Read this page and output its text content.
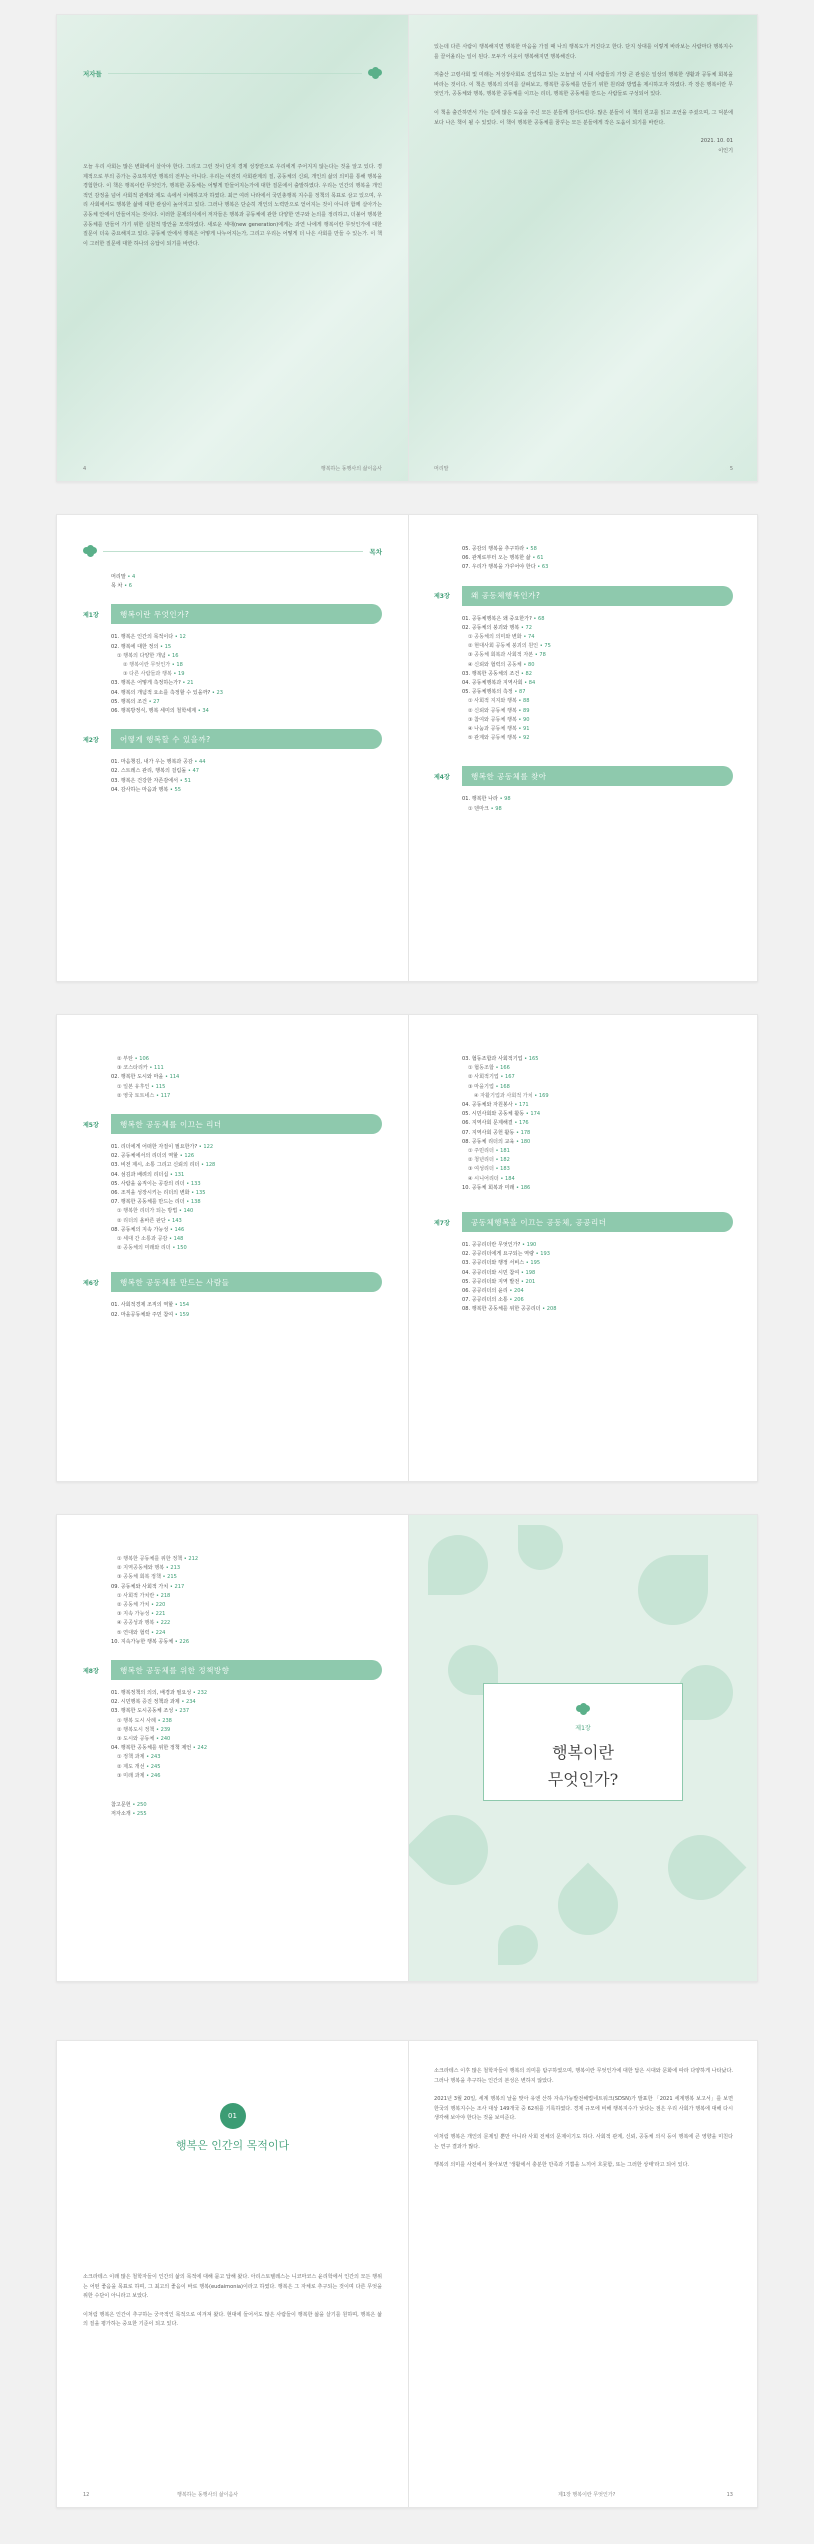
저자들

오늘 우리 사회는 많은 변화에서 살아야 한다. 그리고 그런 것이 단지 경제 성장만으로 우리에게 주어지지 않는다는 것을 알고 있다. 경제적으로 부의 증가는 중요하지만 행복의 전부는 아니다. 우리는 여전히 사회관계의 질, 공동체의 신뢰, 개인의 삶의 의미를 통해 행복을 경험한다. 이 책은 행복이란 무엇인가, 행복한 공동체는 어떻게 만들어지는가에 대한 질문에서 출발하였다. 우리는 인간의 행복을 개인적인 감정을 넘어 사회적 관계와 제도 속에서 이해하고자 하였다. 최근 여러 나라에서 국민총행복 지수를 정책의 목표로 삼고 있으며, 우리 사회에서도 행복한 삶에 대한 관심이 높아지고 있다. 그러나 행복은 단순히 개인의 노력만으로 얻어지는 것이 아니라 함께 살아가는 공동체 안에서 만들어지는 것이다. 이러한 문제의식에서 저자들은 행복과 공동체에 관한 다양한 연구와 논의를 정리하고, 더불어 행복한 공동체를 만들어 가기 위한 실천적 방안을 모색하였다. 새로운 세대(new generation)에게는 과연 나에게 행복이란 무엇인가에 대한 질문이 더욱 중요해지고 있다. 공동체 안에서 행복은 어떻게 나누어지는가, 그리고 우리는 어떻게 더 나은 사회를 만들 수 있는가. 이 책이 그러한 질문에 대한 하나의 응답이 되기를 바란다.

4	행복하는 동행사의 삶이음사

있는데 다른 사람이 행복해지면 행복한 마음을 가질 때 나의 행복도가 커진다고 한다. 단지 상대를 이렇게 바라보는 사람마다 행복지수를 끌어올리는 일이 된다. 모두가 이웃이 행복해지면 행복해진다.

저출산 고령사회 및 미래는 저성장사회로 진입하고 있는 오늘날 이 시대 사람들의 가장 큰 관심은 일상의 행복한 생활과 공동체 회복을 바라는 것이다. 이 책은 행복의 의미를 살펴보고, 행복한 공동체를 만들기 위한 원리와 방법을 제시하고자 하였다. 각 장은 행복이란 무엇인가, 공동체와 행복, 행복한 공동체를 이끄는 리더, 행복한 공동체를 만드는 사람들로 구성되어 있다.

이 책을 출간하면서 가는 길에 많은 도움을 주신 모든 분들께 감사드린다. 많은 분들이 이 책의 원고를 읽고 조언을 주셨으며, 그 덕분에 보다 나은 책이 될 수 있었다. 이 책이 행복한 공동체를 꿈꾸는 모든 분들에게 작은 도움이 되기를 바란다.

2021. 10. 01
이인기
머리말	5
목차
머리말 • 4
목 차 • 6
제1장	행복이란 무엇인가?
01. 행복은 인간의 목적이다 • 12
02. 행복에 대한 정의 • 15
① 행복의 다양한 개념 • 16
② 행복이란 무엇인가 • 18
③ 다른 사람들과 행복 • 19
03. 행복은 어떻게 측정하는가? • 21
04. 행복의 개념적 요소를 측정할 수 있을까? • 23
05. 행복의 조건 • 27
06. 행복방정식, 행복 세미의 철학세계 • 34
제2장	어떻게 행복할 수 있을까?
01. 마음챙김, 내가 우는 행복과 공감 • 44
02. 스트레스 관리, 행복의 걸림돌 • 47
03. 행복은 건강한 자존감에서 • 51
04. 감사하는 마음과 행복 • 55
05. 공감의 행복을 추구하라 • 58
06. 관계로부터 오는 행복한 삶 • 61
07. 우리가 행복을 가꾸어야 한다 • 63
제3장	왜 공동체행복인가?
01. 공동체행복은 왜 중요한가? • 68
02. 공동체의 붕괴와 행복 • 72
① 공동체의 의미와 변화 • 74
② 현대사회 공동체 붕괴의 원인 • 75
③ 공동체 회복과 사회적 자본 • 78
④ 신뢰와 협력의 공동체 • 80
03. 행복한 공동체의 조건 • 82
04. 공동체행복과 지역사회 • 84
05. 공동체행복의 측정 • 87
① 사회적 지지와 행복 • 88
② 신뢰와 공동체 행복 • 89
③ 참여와 공동체 행복 • 90
④ 나눔과 공동체 행복 • 91
⑤ 관계와 공동체 행복 • 92
제4장	행복한 공동체를 찾아
01. 행복한 나라 • 98
① 덴마크 • 98
② 부탄 • 106
③ 코스타리카 • 111
02. 행복한 도시와 마을 • 114
① 일본 유후인 • 115
② 영국 토트네스 • 117
제5장	행복한 공동체를 이끄는 리더
01. 리더에게 어떠한 자질이 필요한가? • 122
02. 공동체에서의 리더의 역할 • 126
03. 비전 제시, 소통 그리고 신뢰의 리더 • 128
04. 섬김과 배려의 리더십 • 131
05. 사람을 움직이는 공감의 리더 • 133
06. 조직을 성장시키는 리더의 변화 • 135
07. 행복한 공동체를 만드는 리더 • 138
① 행복한 리더가 되는 방법 • 140
② 리더의 올바른 판단 • 143
08. 공동체의 지속 가능성 • 146
① 세대 간 소통과 공감 • 148
② 공동체의 미래와 리더 • 150
제6장	행복한 공동체를 만드는 사람들
01. 사회적경제 조직의 역할 • 154
02. 마을공동체와 주민 참여 • 159
03. 협동조합과 사회적기업 • 165
① 협동조합 • 166
② 사회적기업 • 167
③ 마을기업 • 168
④ 자활기업과 사회적 가치 • 169
04. 공동체와 자원봉사 • 171
05. 시민사회와 공동체 활동 • 174
06. 지역사회 문제해결 • 176
07. 지역사회 공헌 활동 • 178
08. 공동체 리더의 교육 • 180
① 주민리더 • 181
② 청년리더 • 182
③ 여성리더 • 183
④ 시니어리더 • 184
10. 공동체 회복과 미래 • 186
제7장	공동체행복을 이끄는 공동체, 공공리더
01. 공공리더란 무엇인가? • 190
02. 공공리더에게 요구되는 역량 • 193
03. 공공리더와 행정 서비스 • 195
04. 공공리더와 시민 참여 • 198
05. 공공리더와 지역 발전 • 201
06. 공공리더의 윤리 • 204
07. 공공리더의 소통 • 206
08. 행복한 공동체를 위한 공공리더 • 208
① 행복한 공동체를 위한 정책 • 212
② 지역공동체와 행복 • 213
③ 공동체 회복 정책 • 215
09. 공동체와 사회적 가치 • 217
① 사회적 가치란 • 218
② 공동체 가치 • 220
③ 지속 가능성 • 221
④ 공공성과 행복 • 222
⑤ 연대와 협력 • 224
10. 지속가능한 행복 공동체 • 226
제8장	행복한 공동체를 위한 정책방향
01. 행복정책의 의의, 배경과 필요성 • 232
02. 시민행복 증진 정책과 과제 • 234
03. 행복한 도시공동체 조성 • 237
① 행복 도시 사례 • 238
② 행복도시 정책 • 239
③ 도시와 공동체 • 240
04. 행복한 공동체를 위한 정책 제언 • 242
① 정책 과제 • 243
② 제도 개선 • 245
③ 미래 과제 • 246
참고문헌 • 250
저자소개 • 255
제1장
행복이란
무엇인가?
01
행복은 인간의 목적이다

소크라테스 이래 많은 철학자들이 인간의 삶의 목적에 대해 묻고 답해 왔다. 아리스토텔레스는 니코마코스 윤리학에서 인간의 모든 행위는 어떤 좋음을 목표로 하며, 그 최고의 좋음이 바로 행복(eudaimonia)이라고 하였다. 행복은 그 자체로 추구되는 것이며 다른 무엇을 위한 수단이 아니라고 보았다.

이처럼 행복은 인간이 추구하는 궁극적인 목적으로 여겨져 왔다. 현대에 들어서도 많은 사람들이 행복한 삶을 살기를 원하며, 행복은 삶의 질을 평가하는 중요한 기준이 되고 있다.

12	행복하는 동행사의 삶이음사

소크라테스 이후 많은 철학자들이 행복의 의미를 탐구하였으며, 행복이란 무엇인가에 대한 답은 시대와 문화에 따라 다양하게 나타났다. 그러나 행복을 추구하는 인간의 본성은 변하지 않았다.

2021년 3월 20일, 세계 행복의 날을 맞아 유엔 산하 자속가능발전해법네트워크(SDSN)가 발표한 「2021 세계행복 보고서」를 보면 한국의 행복지수는 조사 대상 149개국 중 62위를 기록하였다. 경제 규모에 비해 행복지수가 낮다는 점은 우리 사회가 행복에 대해 다시 생각해 보아야 한다는 것을 보여준다.

이처럼 행복은 개인의 문제일 뿐만 아니라 사회 전체의 문제이기도 하다. 사회적 관계, 신뢰, 공동체 의식 등이 행복에 큰 영향을 미친다는 연구 결과가 많다.

행복의 의미를 사전에서 찾아보면 '생활에서 충분한 만족과 기쁨을 느끼어 흐뭇함, 또는 그러한 상태'라고 되어 있다.

제1장 행복이란 무엇인가?	13
